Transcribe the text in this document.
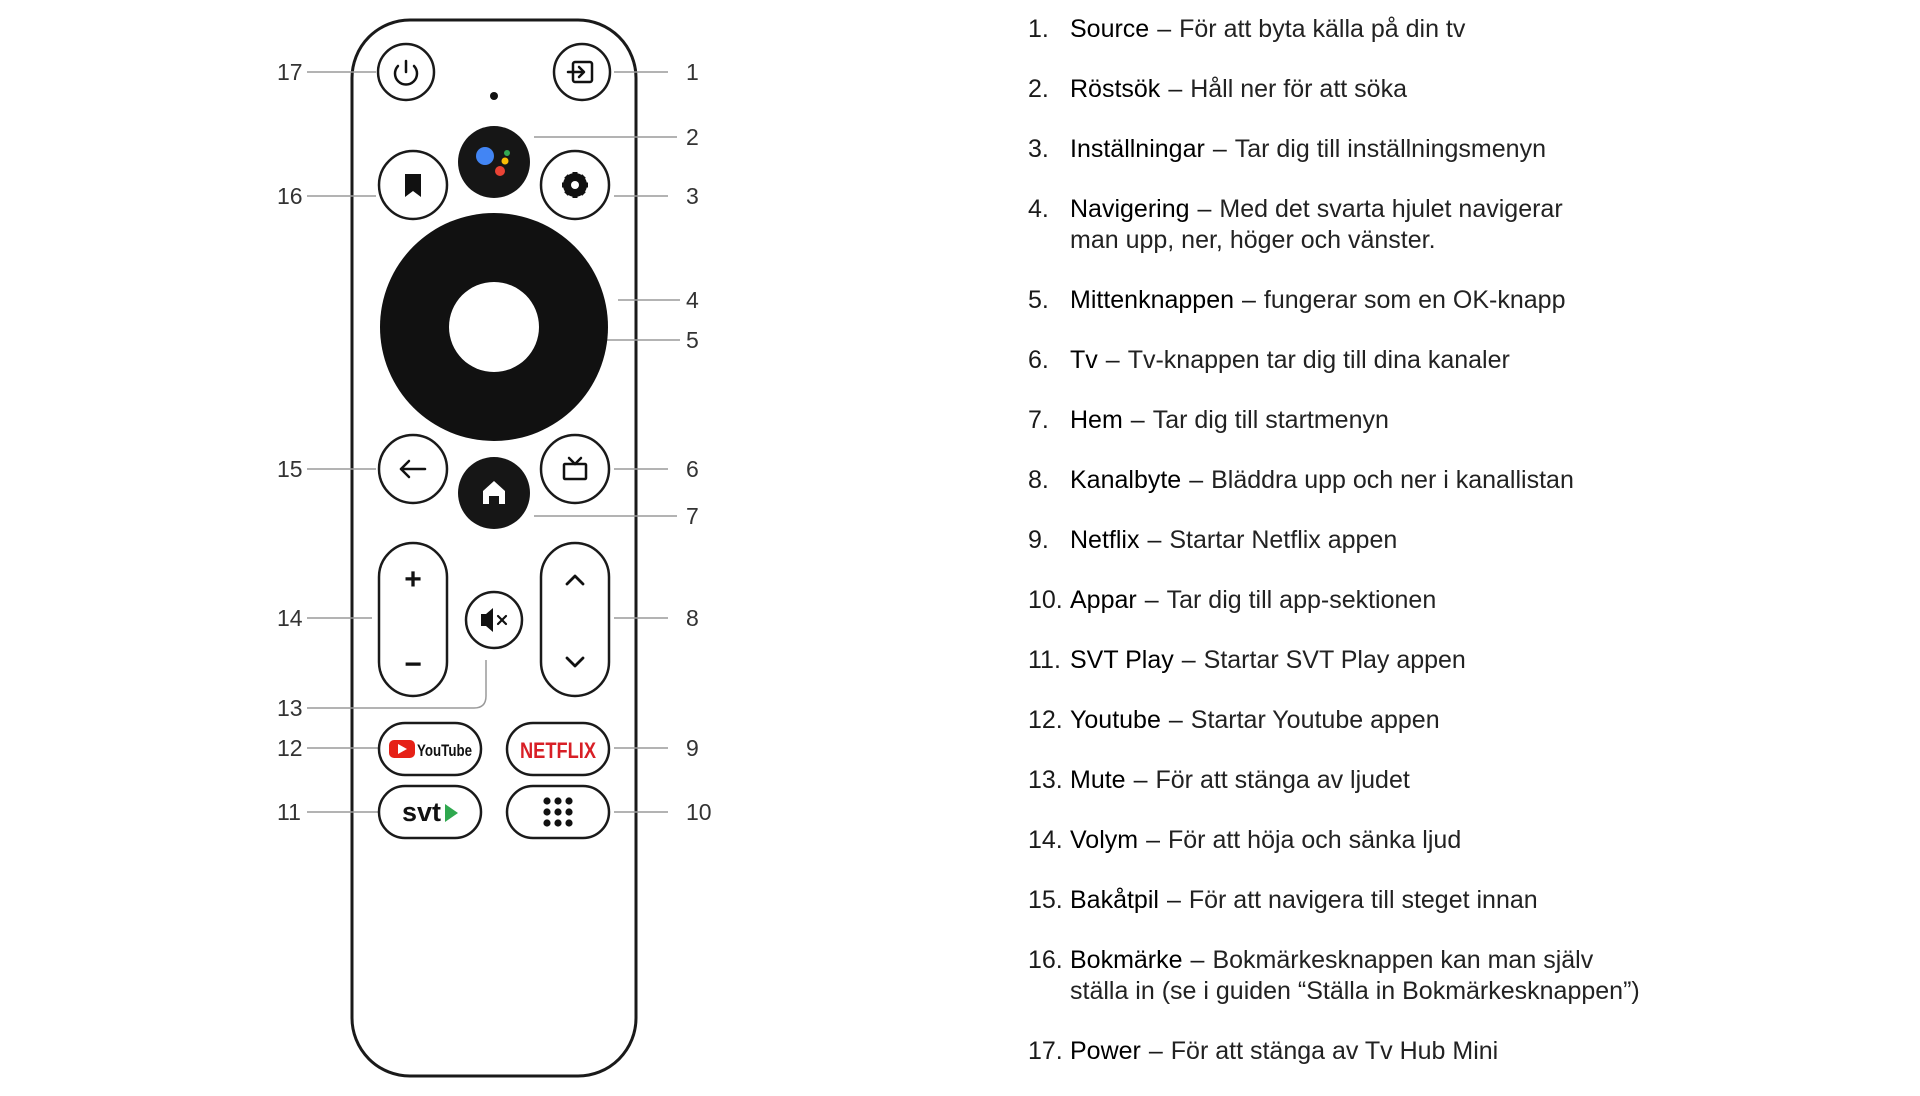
17	1
2
16	3
4
5
15	6
7
14	8
13
12	9
11	10
+
−
YouTube NETFLIX
svt
1. Source – För att byta källa på din tv
2. Röstsök – Håll ner för att söka
3. Inställningar – Tar dig till inställningsmenyn
4. Navigering – Med det svarta hjulet navigerar
man upp, ner, höger och vänster.
5. Mittenknappen – fungerar som en OK-knapp
6. Tv – Tv-knappen tar dig till dina kanaler
7. Hem – Tar dig till startmenyn
8. Kanalbyte – Bläddra upp och ner i kanallistan
9. Netflix – Startar Netflix appen
10. Appar – Tar dig till app-sektionen
11. SVT Play – Startar SVT Play appen
12. Youtube – Startar Youtube appen
13. Mute – För att stänga av ljudet
14. Volym – För att höja och sänka ljud
15. Bakåtpil – För att navigera till steget innan
16. Bokmärke – Bokmärkesknappen kan man själv
ställa in (se i guiden “Ställa in Bokmärkesknappen”)
17. Power – För att stänga av Tv Hub Mini
